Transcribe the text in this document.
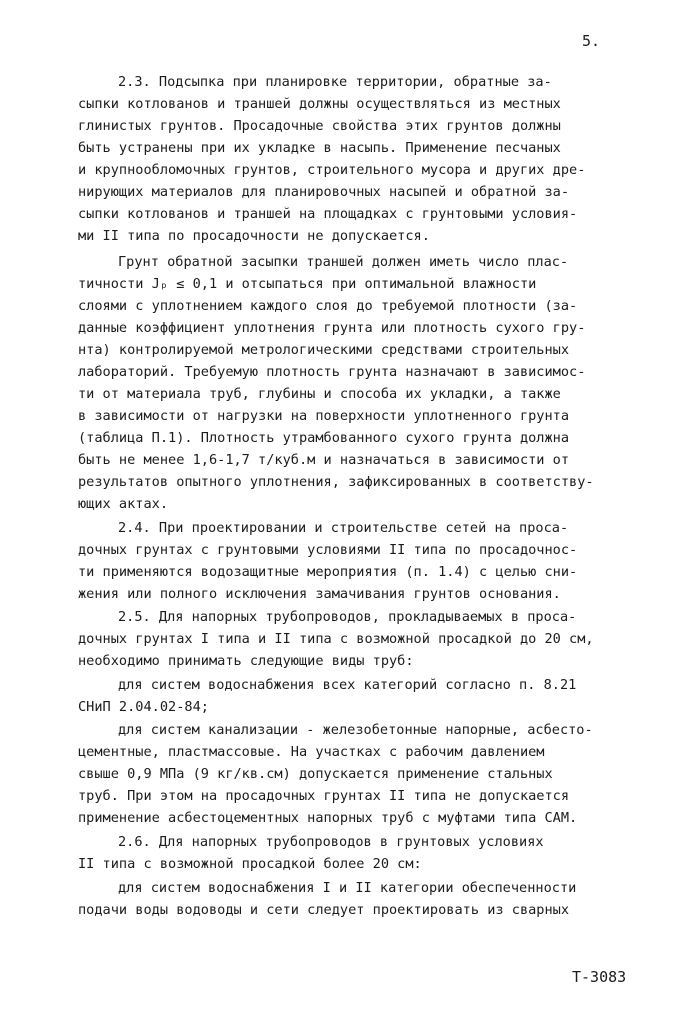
5.
2.3. Подсыпка при планировке территории, обратные за-
сыпки котлованов и траншей должны осуществляться из местных
глинистых грунтов. Просадочные свойства этих грунтов должны
быть устранены при их укладке в насыпь. Применение песчаных
и крупнообломочных грунтов, строительного мусора и других дре-
нирующих материалов для планировочных насыпей и обратной за-
сыпки котлованов и траншей на площадках с грунтовыми условия-
ми II типа по просадочности не допускается.
Грунт обратной засыпки траншей должен иметь число плас-
тичности Jₚ ≤ 0,1 и отсыпаться при оптимальной влажности
слоями с уплотнением каждого слоя до требуемой плотности (за-
данные коэффициент уплотнения грунта или плотность сухого гру-
нта) контролируемой метрологическими средствами строительных
лабораторий. Требуемую плотность грунта назначают в зависимос-
ти от материала труб, глубины и способа их укладки, а также
в зависимости от нагрузки на поверхности уплотненного грунта
(таблица П.1). Плотность утрамбованного сухого грунта должна
быть не менее 1,6-1,7 т/куб.м и назначаться в зависимости от
результатов опытного уплотнения, зафиксированных в соответству-
ющих актах.
2.4. При проектировании и строительстве сетей на проса-
дочных грунтах с грунтовыми условиями II типа по просадочнос-
ти применяются водозащитные мероприятия (п. 1.4) с целью сни-
жения или полного исключения замачивания грунтов основания.
2.5. Для напорных трубопроводов, прокладываемых в проса-
дочных грунтах I типа и II типа с возможной просадкой до 20 см,
необходимо принимать следующие виды труб:
для систем водоснабжения всех категорий согласно п. 8.21
СНиП 2.04.02-84;
для систем канализации - железобетонные напорные, асбесто-
цементные, пластмассовые. На участках с рабочим давлением
свыше 0,9 МПа (9 кг/кв.см) допускается применение стальных
труб. При этом на просадочных грунтах II типа не допускается
применение асбестоцементных напорных труб с муфтами типа САМ.
2.6. Для напорных трубопроводов в грунтовых условиях
II типа с возможной просадкой более 20 см:
для систем водоснабжения I и II категории обеспеченности
подачи воды водоводы и сети следует проектировать из сварных
T-3083
